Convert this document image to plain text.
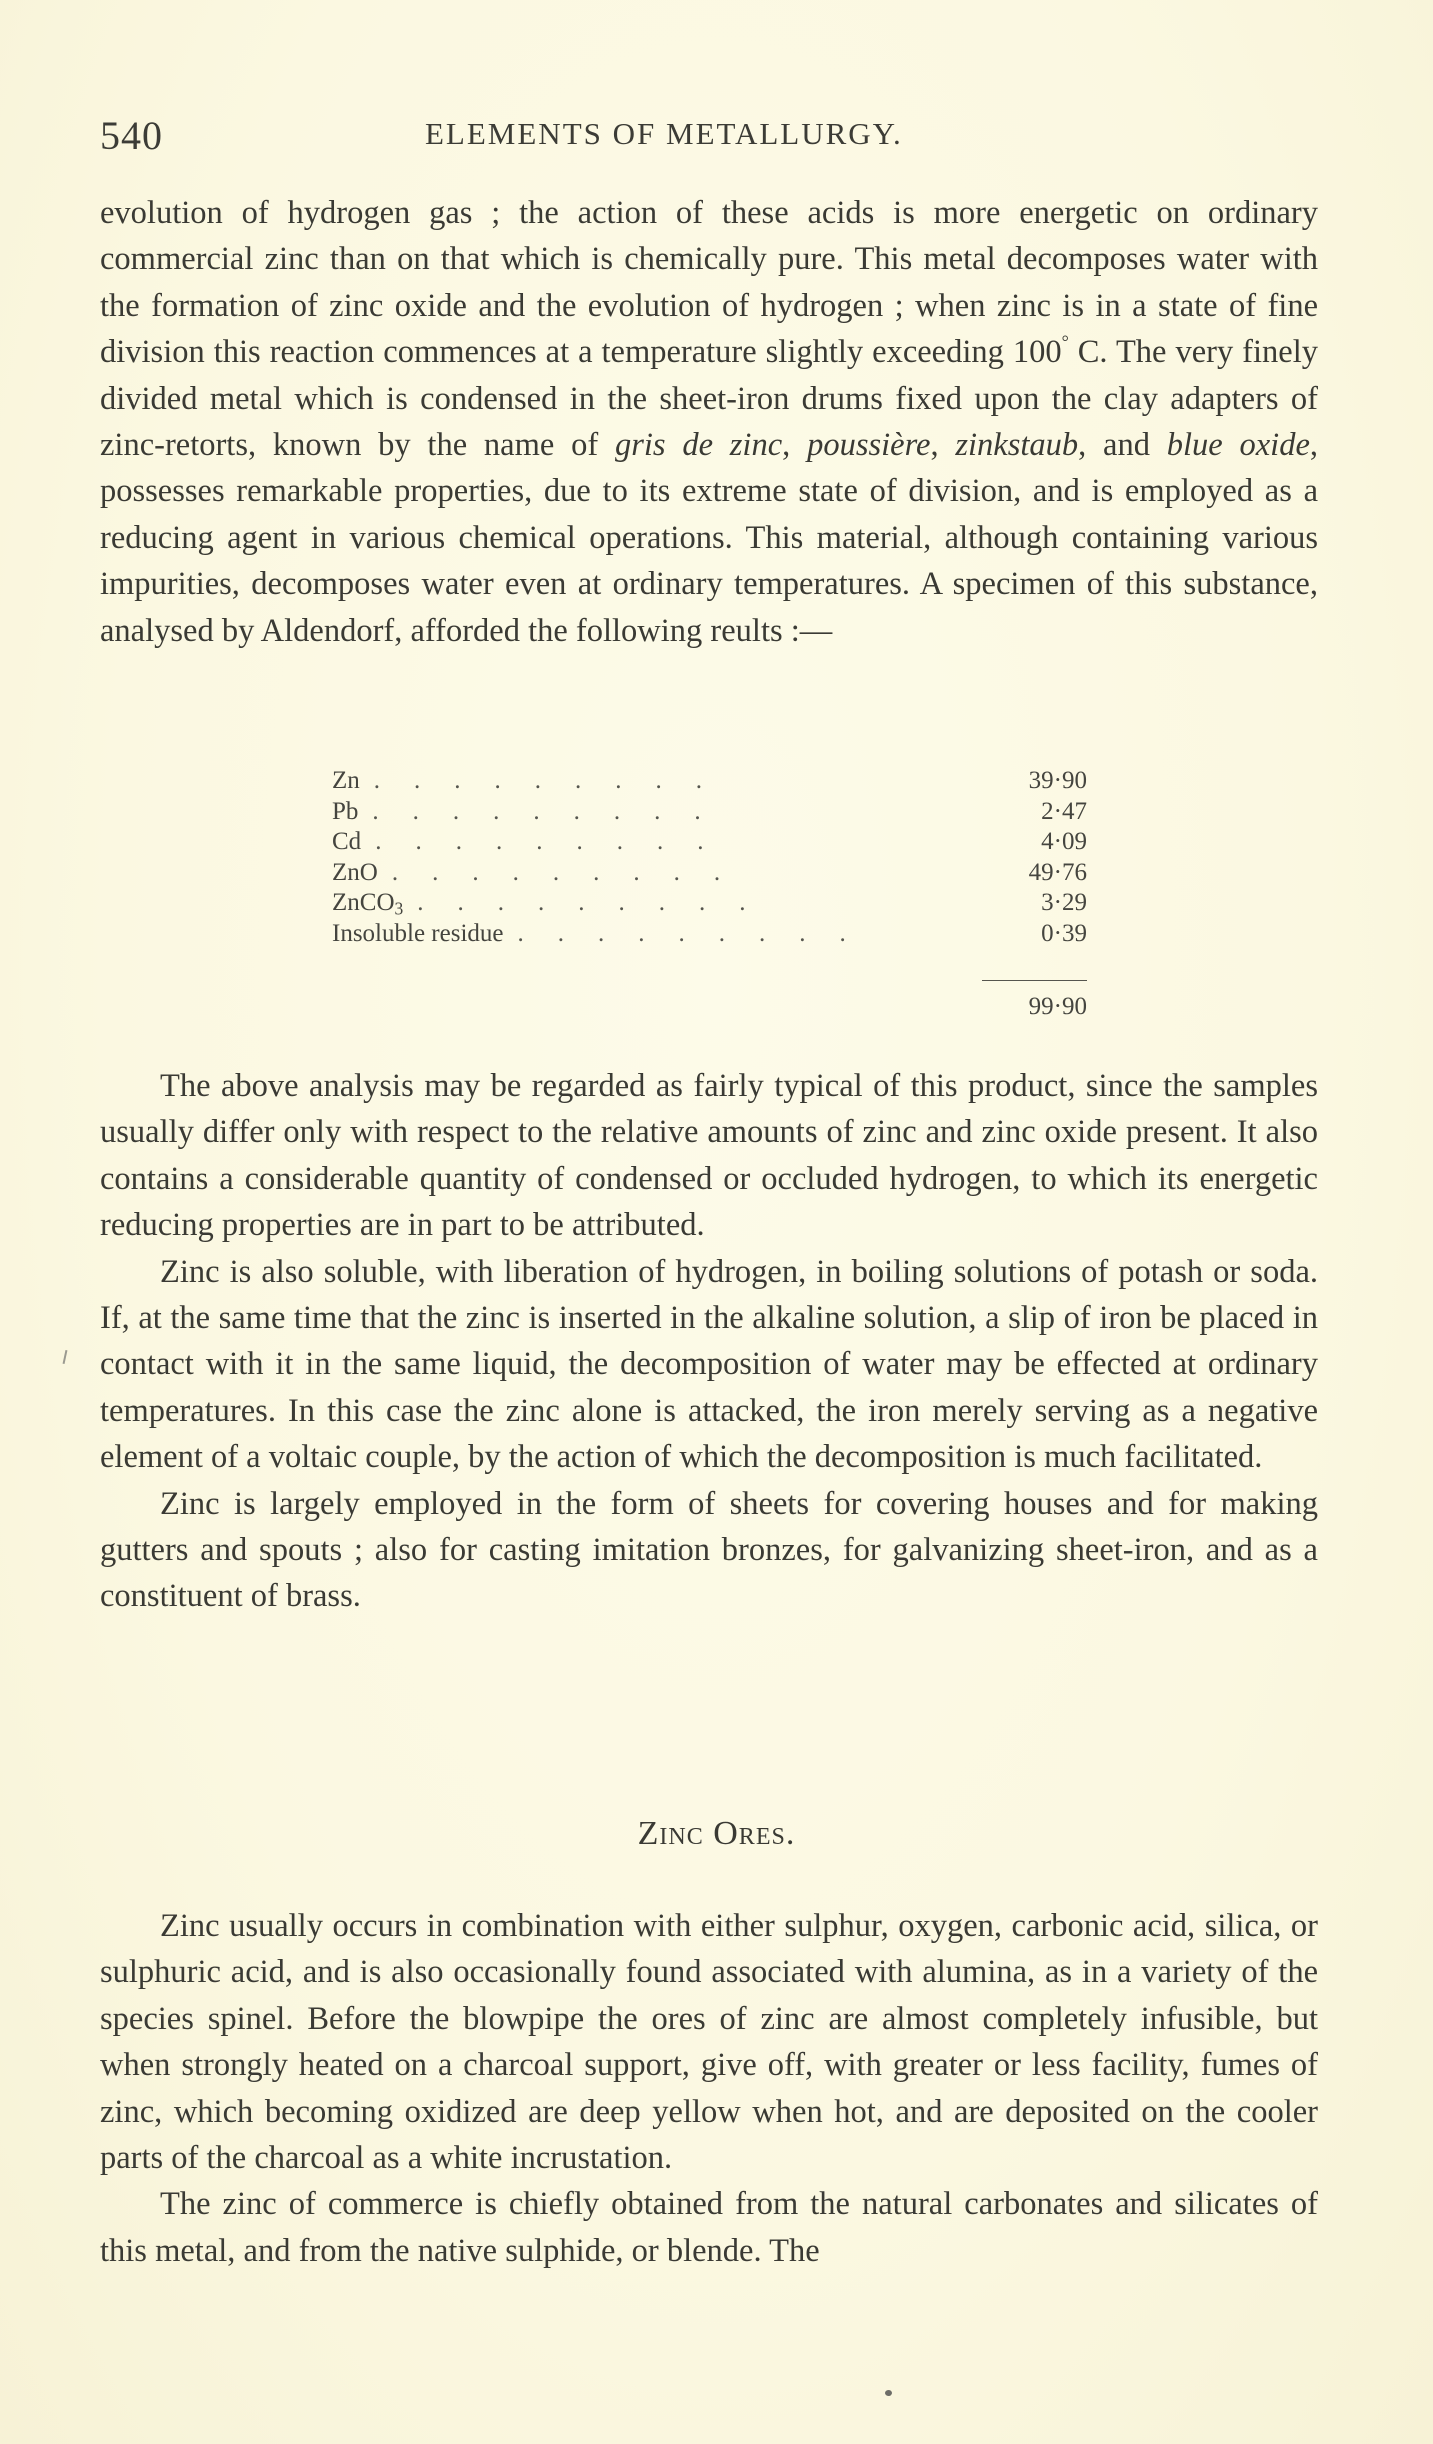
540	ELEMENTS OF METALLURGY.

evolution of hydrogen gas ; the action of these acids is more energetic on ordinary commercial zinc than on that which is chemically pure. This metal decomposes water with the formation of zinc oxide and the evolution of hydrogen ; when zinc is in a state of fine division this reaction commences at a temperature slightly exceeding 100° C. The very finely divided metal which is condensed in the sheet-iron drums fixed upon the clay adapters of zinc-retorts, known by the name of gris de zinc, poussière, zinkstaub, and blue oxide, possesses remarkable properties, due to its extreme state of division, and is employed as a reducing agent in various chemical operations. This material, although containing various impurities, decomposes water even at ordinary temperatures. A specimen of this substance, analysed by Aldendorf, afforded the following reults :—

Zn .........	39·90
Pb .........	2·47
Cd .........	4·09
ZnO .........	49·76
ZnCO$_3$ .........	3·29
Insoluble residue .........	0·39
99·90

The above analysis may be regarded as fairly typical of this product, since the samples usually differ only with respect to the relative amounts of zinc and zinc oxide present. It also contains a considerable quantity of condensed or occluded hydrogen, to which its energetic reducing properties are in part to be attributed.

Zinc is also soluble, with liberation of hydrogen, in boiling solutions of potash or soda. If, at the same time that the zinc is inserted in the alkaline solution, a slip of iron be placed in contact with it in the same liquid, the decomposition of water may be effected at ordinary temperatures. In this case the zinc alone is attacked, the iron merely serving as a negative element of a voltaic couple, by the action of which the decomposition is much facilitated.

Zinc is largely employed in the form of sheets for covering houses and for making gutters and spouts ; also for casting imitation bronzes, for galvanizing sheet-iron, and as a constituent of brass.

Zinc Ores.

Zinc usually occurs in combination with either sulphur, oxygen, carbonic acid, silica, or sulphuric acid, and is also occasionally found associated with alumina, as in a variety of the species spinel. Before the blowpipe the ores of zinc are almost completely infusible, but when strongly heated on a charcoal support, give off, with greater or less facility, fumes of zinc, which becoming oxidized are deep yellow when hot, and are deposited on the cooler parts of the charcoal as a white incrustation.

The zinc of commerce is chiefly obtained from the natural carbonates and silicates of this metal, and from the native sulphide, or blende. The
